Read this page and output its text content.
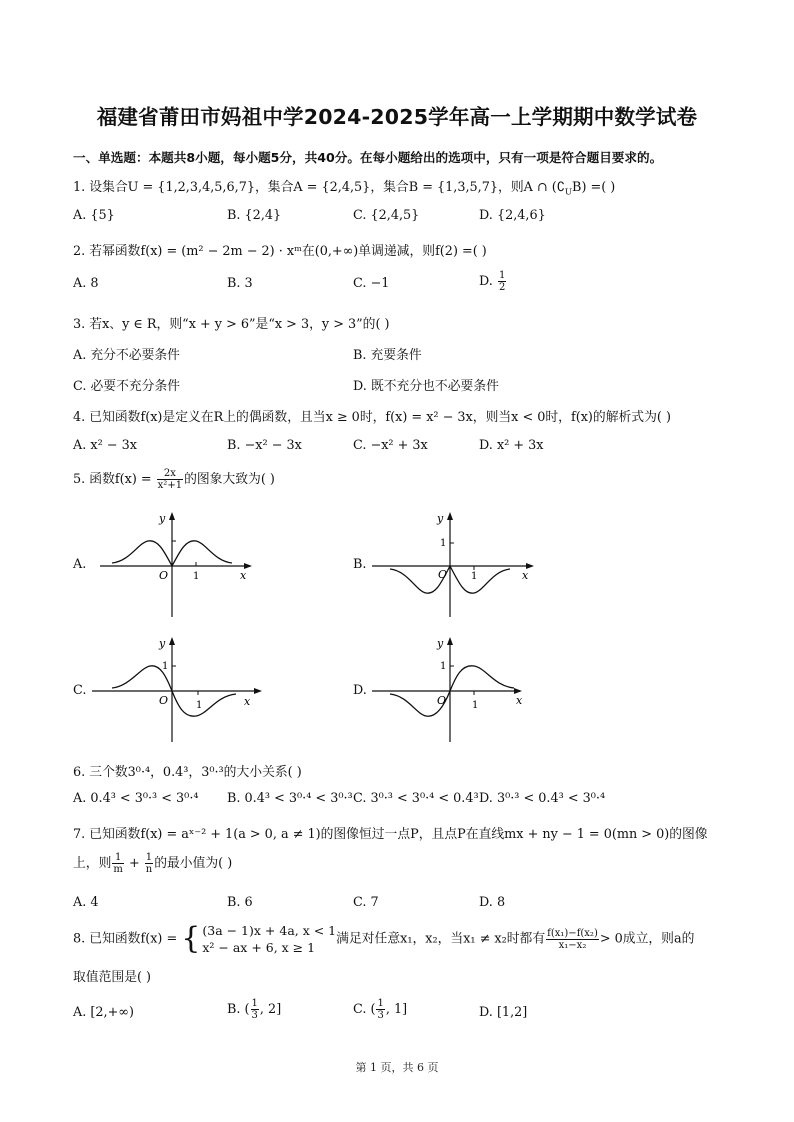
福建省莆田市妈祖中学2024-2025学年高一上学期期中数学试卷
一、单选题：本题共8小题，每小题5分，共40分。在每小题给出的选项中，只有一项是符合题目要求的。
1. 设集合U = {1,2,3,4,5,6,7}，集合A = {2,4,5}，集合B = {1,3,5,7}，则A ∩ $(∁_UB)$ =( )
A. {5}	B. {2,4}	C. {2,4,5}	D. {2,4,6}
2. 若幂函数f(x) = (m² − 2m − 2) · xᵐ在(0,+∞)单调递减，则f(2) =( )
A. 8	B. 3	C. −1	D. $\frac{1}{2}$
3. 若x、y ∈ R，则“x + y > 6”是“x > 3，y > 3”的( )
A. 充分不必要条件	B. 充要条件
C. 必要不充分条件	D. 既不充分也不必要条件
4. 已知函数f(x)是定义在R上的偶函数，且当x ≥ 0时，f(x) = x² − 3x，则当x < 0时，f(x)的解析式为( )
A. x² − 3x	B. −x² − 3x	C. −x² + 3x	D. x² + 3x
5. 函数$f(x) = \frac{2x}{\text{x²+1}}$ 的图象大致为( )
A.	B.
C.	D.
y
x
O 1
y
1
x
O 1
y
1
x
O	1
y
1
x
O	1
6. 三个数3⁰·⁴，0.4³，3⁰·³的大小关系( )
A. 0.4³ < 3⁰·³ < 3⁰·⁴ B. 0.4³ < 3⁰·⁴ < 3⁰·³ C. 3⁰·³ < 3⁰·⁴ < 0.4³ D. 3⁰·³ < 0.4³ < 3⁰·⁴
7. 已知函数f(x) = aˣ⁻² + 1(a > 0, a ≠ 1)的图像恒过一点P，且点P在直线mx + ny − 1 = 0(mn > 0)的图像
上，则 $\frac{1}{m} + \frac{1}{n}$ 的最小值为( )
A. 4	B. 6	C. 7	D. 8
8. 已知函数f(x) = { (3a − 1)x + 4a, x < 1
x² − ax + 6, x ≥ 1
满足对任意x₁，x₂，当x₁ ≠ x₂时都有 $\frac{\text{f(x₁)−f(x₂)}}{\text{x₁−x₂}} > 0$成立，则a的
取值范围是( )
A. [2,+∞)	B. ( $\frac{1}{3}$ , 2]	C. ( $\frac{1}{3}$ , 1]	D. [1,2]
第 1 页，共 6 页
